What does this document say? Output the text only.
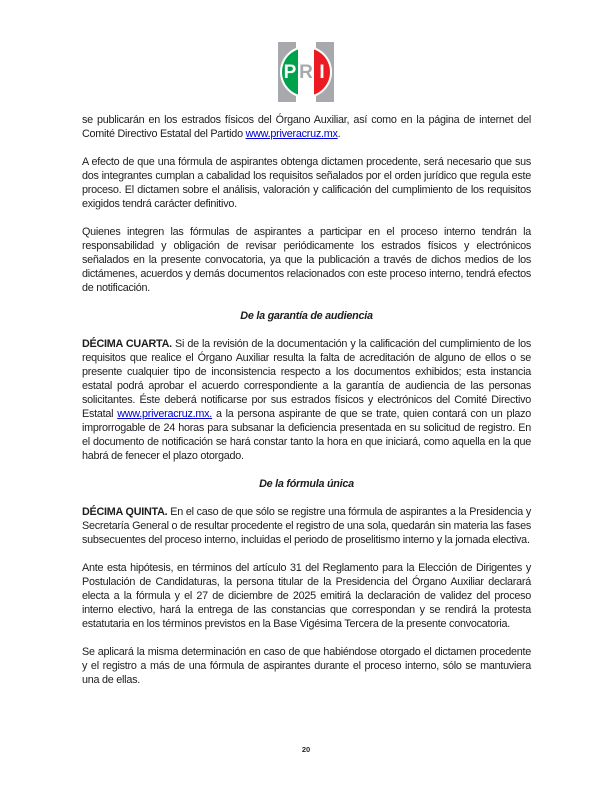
P R I

se publicarán en los estrados físicos del Órgano Auxiliar, así como en la página de internet del Comité Directivo Estatal del Partido www.priveracruz.mx.

A efecto de que una fórmula de aspirantes obtenga dictamen procedente, será necesario que sus dos integrantes cumplan a cabalidad los requisitos señalados por el orden jurídico que regula este proceso. El dictamen sobre el análisis, valoración y calificación del cumplimiento de los requisitos exigidos tendrá carácter definitivo.

Quienes integren las fórmulas de aspirantes a participar en el proceso interno tendrán la responsabilidad y obligación de revisar periódicamente los estrados físicos y electrónicos señalados en la presente convocatoria, ya que la publicación a través de dichos medios de los dictámenes, acuerdos y demás documentos relacionados con este proceso interno, tendrá efectos de notificación.

De la garantía de audiencia

DÉCIMA CUARTA. Si de la revisión de la documentación y la calificación del cumplimiento de los requisitos que realice el Órgano Auxiliar resulta la falta de acreditación de alguno de ellos o se presente cualquier tipo de inconsistencia respecto a los documentos exhibidos; esta instancia estatal podrá aprobar el acuerdo correspondiente a la garantía de audiencia de las personas solicitantes. Éste deberá notificarse por sus estrados físicos y electrónicos del Comité Directivo Estatal www.priveracruz.mx. a la persona aspirante de que se trate, quien contará con un plazo improrrogable de 24 horas para subsanar la deficiencia presentada en su solicitud de registro. En el documento de notificación se hará constar tanto la hora en que iniciará, como aquella en la que habrá de fenecer el plazo otorgado.

De la fórmula única

DÉCIMA QUINTA. En el caso de que sólo se registre una fórmula de aspirantes a la Presidencia y Secretaría General o de resultar procedente el registro de una sola, quedarán sin materia las fases subsecuentes del proceso interno, incluidas el periodo de proselitismo interno y la jornada electiva.

Ante esta hipótesis, en términos del artículo 31 del Reglamento para la Elección de Dirigentes y Postulación de Candidaturas, la persona titular de la Presidencia del Órgano Auxiliar declarará electa a la fórmula y el 27 de diciembre de 2025 emitirá la declaración de validez del proceso interno electivo, hará la entrega de las constancias que correspondan y se rendirá la protesta estatutaria en los términos previstos en la Base Vigésima Tercera de la presente convocatoria.

Se aplicará la misma determinación en caso de que habiéndose otorgado el dictamen procedente y el registro a más de una fórmula de aspirantes durante el proceso interno, sólo se mantuviera una de ellas.

20
